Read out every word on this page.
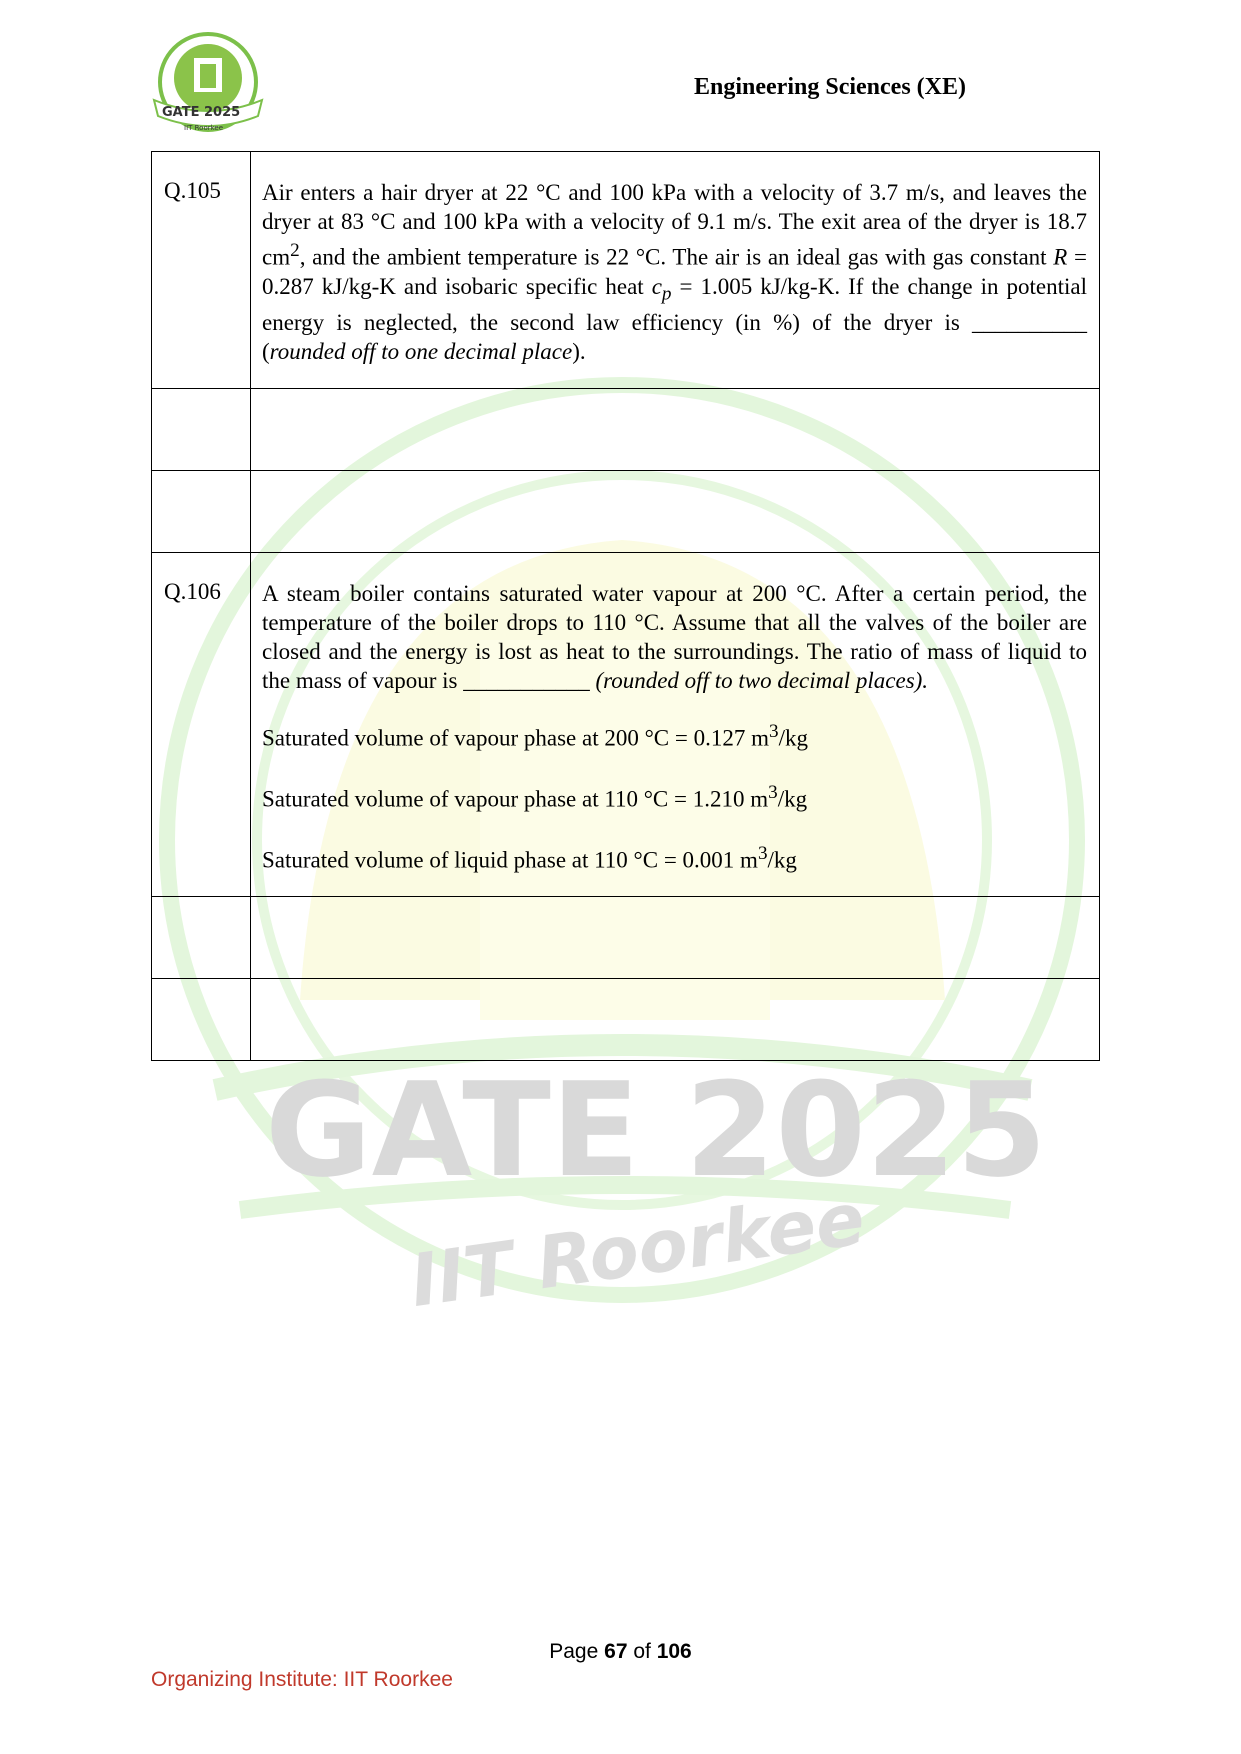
GATE 2025
IIT Roorkee
GATE 2025
IIT Roorkee
Engineering Sciences (XE)
Q.105	Air enters a hair dryer at 22 °C and 100 kPa with a velocity of 3.7 m/s, and leaves the dryer at 83 °C and 100 kPa with a velocity of 9.1 m/s. The exit area of the dryer is 18.7 $cm^2$, and the ambient temperature is 22 °C. The air is an ideal gas with gas constant R = 0.287 kJ/kg-K and isobaric specific heat $c_p = 1.005$ kJ/kg-K. If the change in potential energy is neglected, the second law efficiency (in %) of the dryer is __________ (rounded off to one decimal place).

Q.106	A steam boiler contains saturated water vapour at 200 °C. After a certain period, the temperature of the boiler drops to 110 °C. Assume that all the valves of the boiler are closed and the energy is lost as heat to the surroundings. The ratio of mass of liquid to the mass of vapour is ___________ (rounded off to two decimal places).
Saturated volume of vapour phase at 200 °C = 0.127 $m^3/kg$
Saturated volume of vapour phase at 110 °C = 1.210 $m^3/kg$
Saturated volume of liquid phase at 110 °C = 0.001 $m^3/kg$

Page 67 of 106
Organizing Institute: IIT Roorkee
